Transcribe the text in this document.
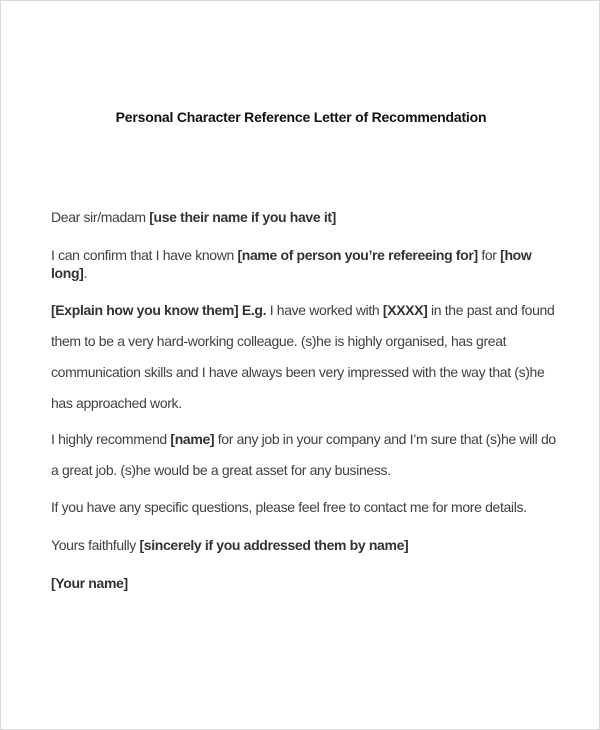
Personal Character Reference Letter of Recommendation

Dear sir/madam [use their name if you have it]

I can confirm that I have known [name of person you’re refereeing for] for [how long].

[Explain how you know them] E.g. I have worked with [XXXX] in the past and found them to be a very hard-working colleague. (s)he is highly organised, has great communication skills and I have always been very impressed with the way that (s)he has approached work.

I highly recommend [name] for any job in your company and I’m sure that (s)he will do a great job. (s)he would be a great asset for any business.

If you have any specific questions, please feel free to contact me for more details.

Yours faithfully [sincerely if you addressed them by name]

[Your name]
